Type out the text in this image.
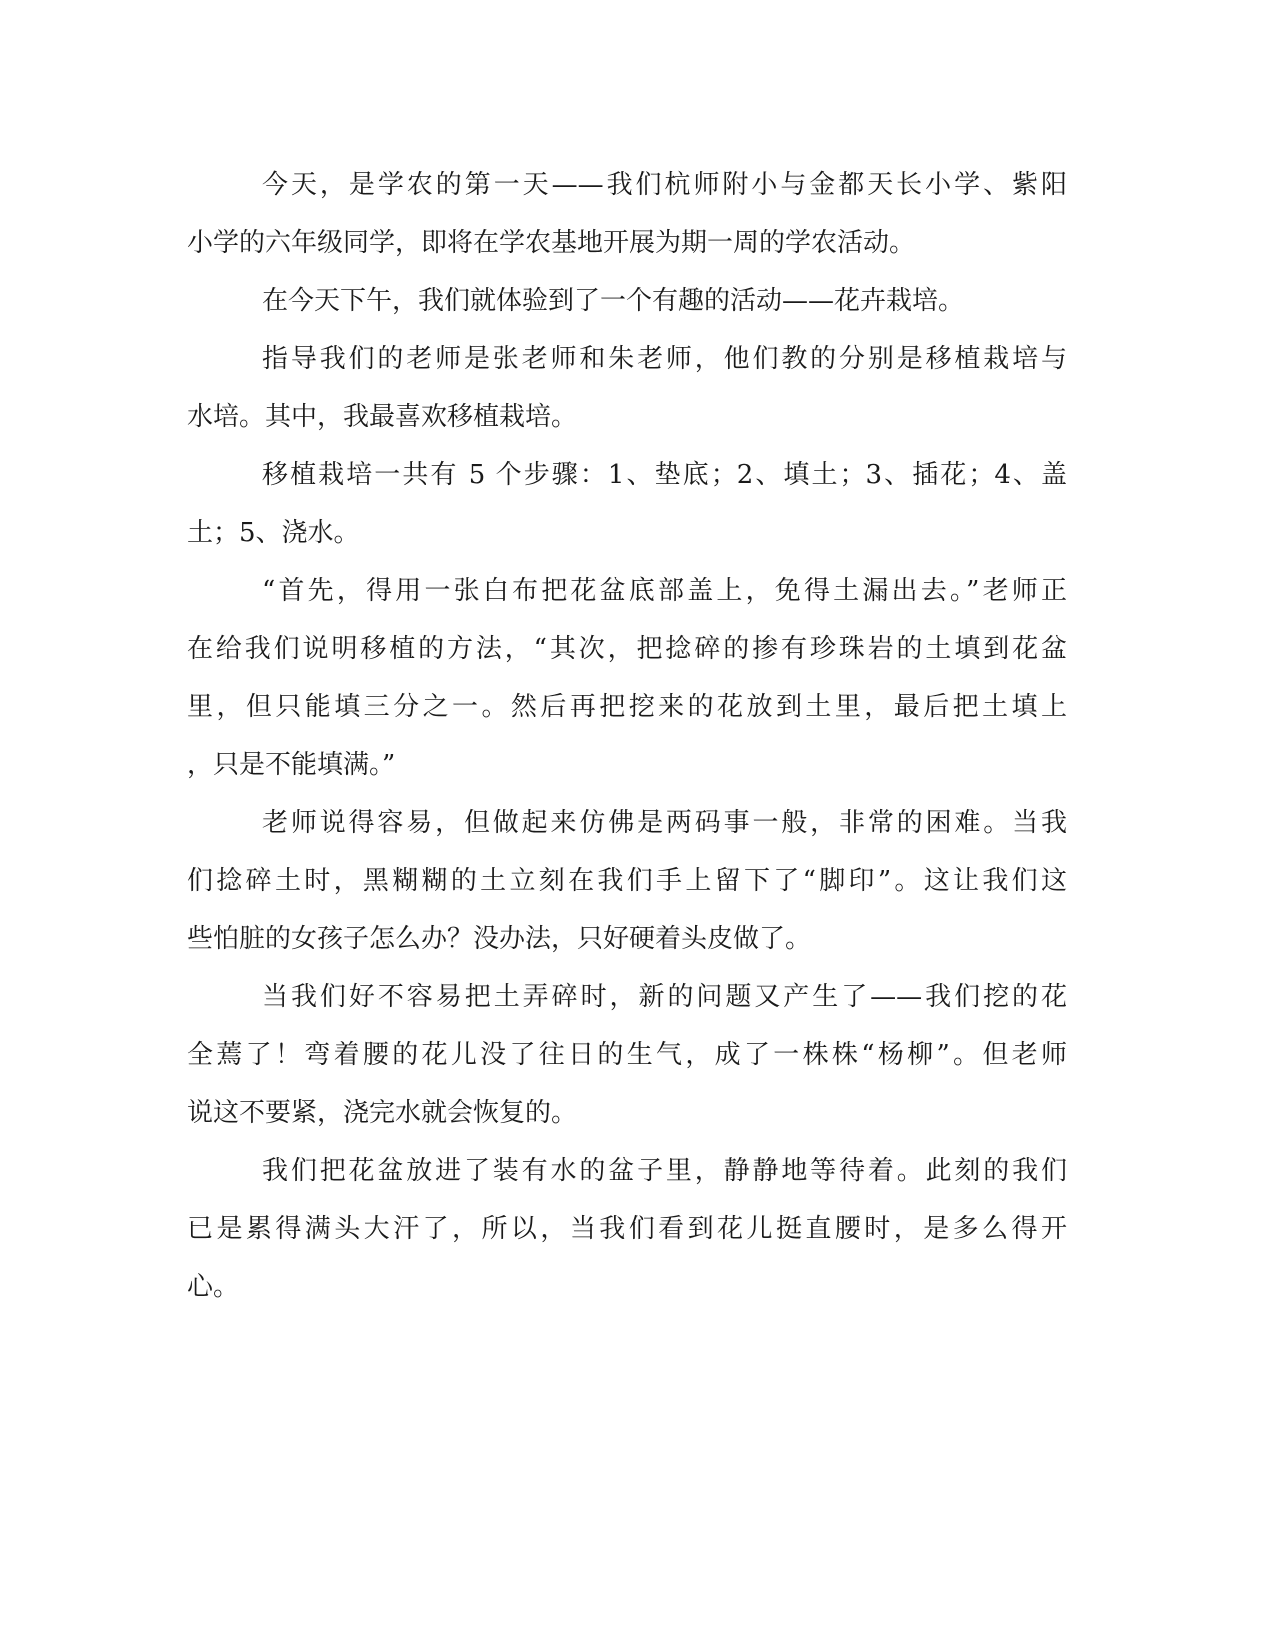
今天，是学农的第一天——我们杭师附小与金都天长小学、紫阳
小学的六年级同学，即将在学农基地开展为期一周的学农活动。
在今天下午，我们就体验到了一个有趣的活动——花卉栽培。
指导我们的老师是张老师和朱老师，他们教的分别是移植栽培与
水培。其中，我最喜欢移植栽培。
移植栽培一共有 5 个步骤：1、垫底；2、填土；3、插花；4、盖
土；5、浇水。
“首先，得用一张白布把花盆底部盖上，免得土漏出去。”老师正
在给我们说明移植的方法，“其次，把捻碎的掺有珍珠岩的土填到花盆
里，但只能填三分之一。然后再把挖来的花放到土里，最后把土填上
，只是不能填满。”
老师说得容易，但做起来仿佛是两码事一般，非常的困难。当我
们捻碎土时，黑糊糊的土立刻在我们手上留下了“脚印”。这让我们这
些怕脏的女孩子怎么办？没办法，只好硬着头皮做了。
当我们好不容易把土弄碎时，新的问题又产生了——我们挖的花
全蔫了！弯着腰的花儿没了往日的生气，成了一株株“杨柳”。但老师
说这不要紧，浇完水就会恢复的。
我们把花盆放进了装有水的盆子里，静静地等待着。此刻的我们
已是累得满头大汗了，所以，当我们看到花儿挺直腰时，是多么得开
心。
